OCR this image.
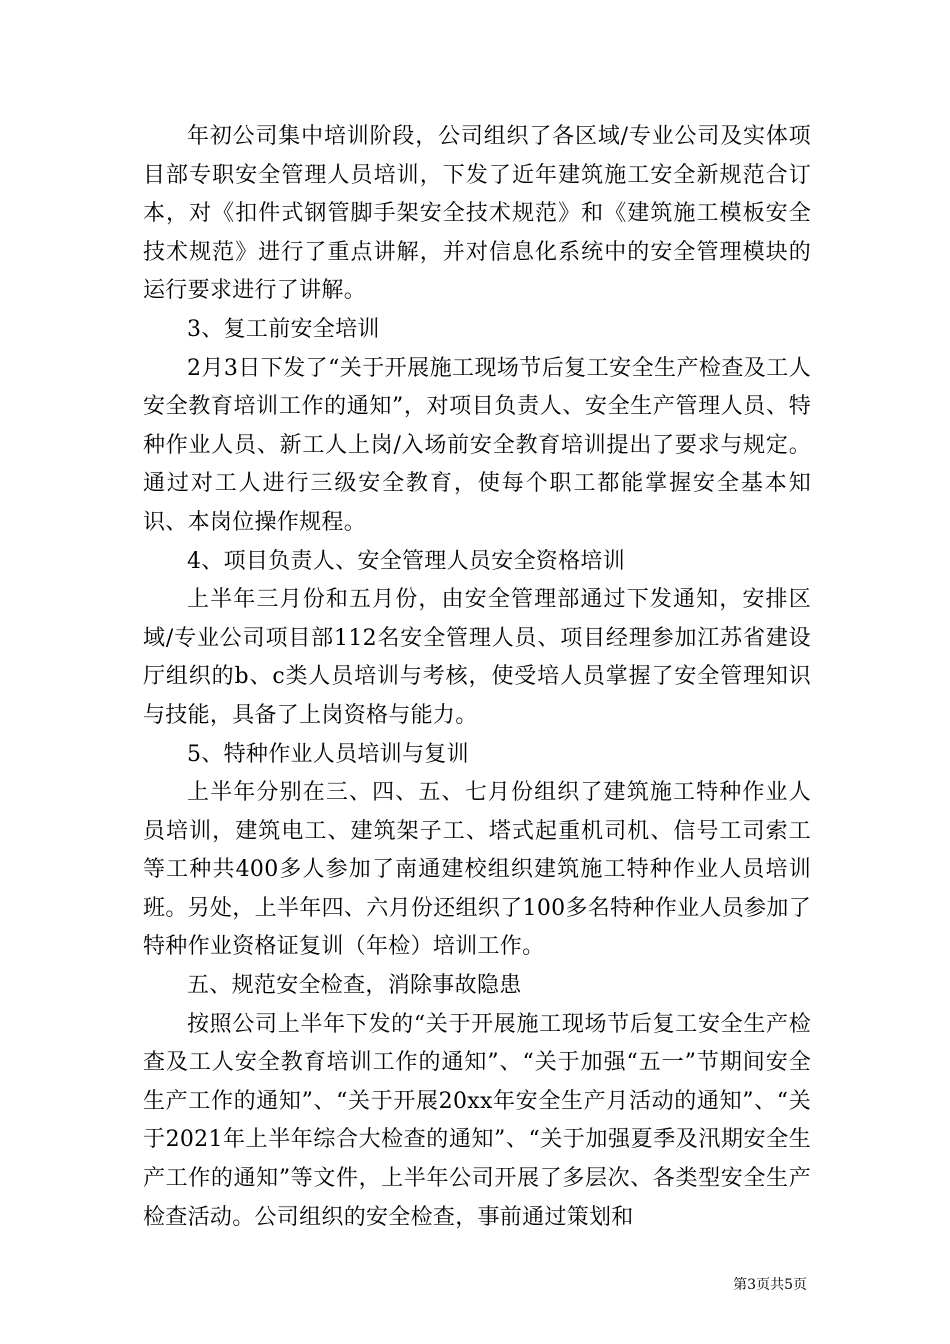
年初公司集中培训阶段，公司组织了各区域/专业公司及实体项目部专职安全管理人员培训，下发了近年建筑施工安全新规范合订本，对《扣件式钢管脚手架安全技术规范》和《建筑施工模板安全技术规范》进行了重点讲解，并对信息化系统中的安全管理模块的运行要求进行了讲解。

3、复工前安全培训

2月3日下发了“关于开展施工现场节后复工安全生产检查及工人安全教育培训工作的通知”，对项目负责人、安全生产管理人员、特种作业人员、新工人上岗/入场前安全教育培训提出了要求与规定。通过对工人进行三级安全教育，使每个职工都能掌握安全基本知识、本岗位操作规程。

4、项目负责人、安全管理人员安全资格培训

上半年三月份和五月份，由安全管理部通过下发通知，安排区域/专业公司项目部112名安全管理人员、项目经理参加江苏省建设厅组织的b、c类人员培训与考核，使受培人员掌握了安全管理知识与技能，具备了上岗资格与能力。

5、特种作业人员培训与复训

上半年分别在三、四、五、七月份组织了建筑施工特种作业人员培训，建筑电工、建筑架子工、塔式起重机司机、信号工司索工等工种共400多人参加了南通建校组织建筑施工特种作业人员培训班。另处，上半年四、六月份还组织了100多名特种作业人员参加了特种作业资格证复训（年检）培训工作。

五、规范安全检查，消除事故隐患

按照公司上半年下发的“关于开展施工现场节后复工安全生产检查及工人安全教育培训工作的通知”、“关于加强“五一”节期间安全生产工作的通知”、“关于开展20xx年安全生产月活动的通知”、“关于2021年上半年综合大检查的通知”、“关于加强夏季及汛期安全生产工作的通知”等文件，上半年公司开展了多层次、各类型安全生产检查活动。公司组织的安全检查，事前通过策划和

第3页共5页
